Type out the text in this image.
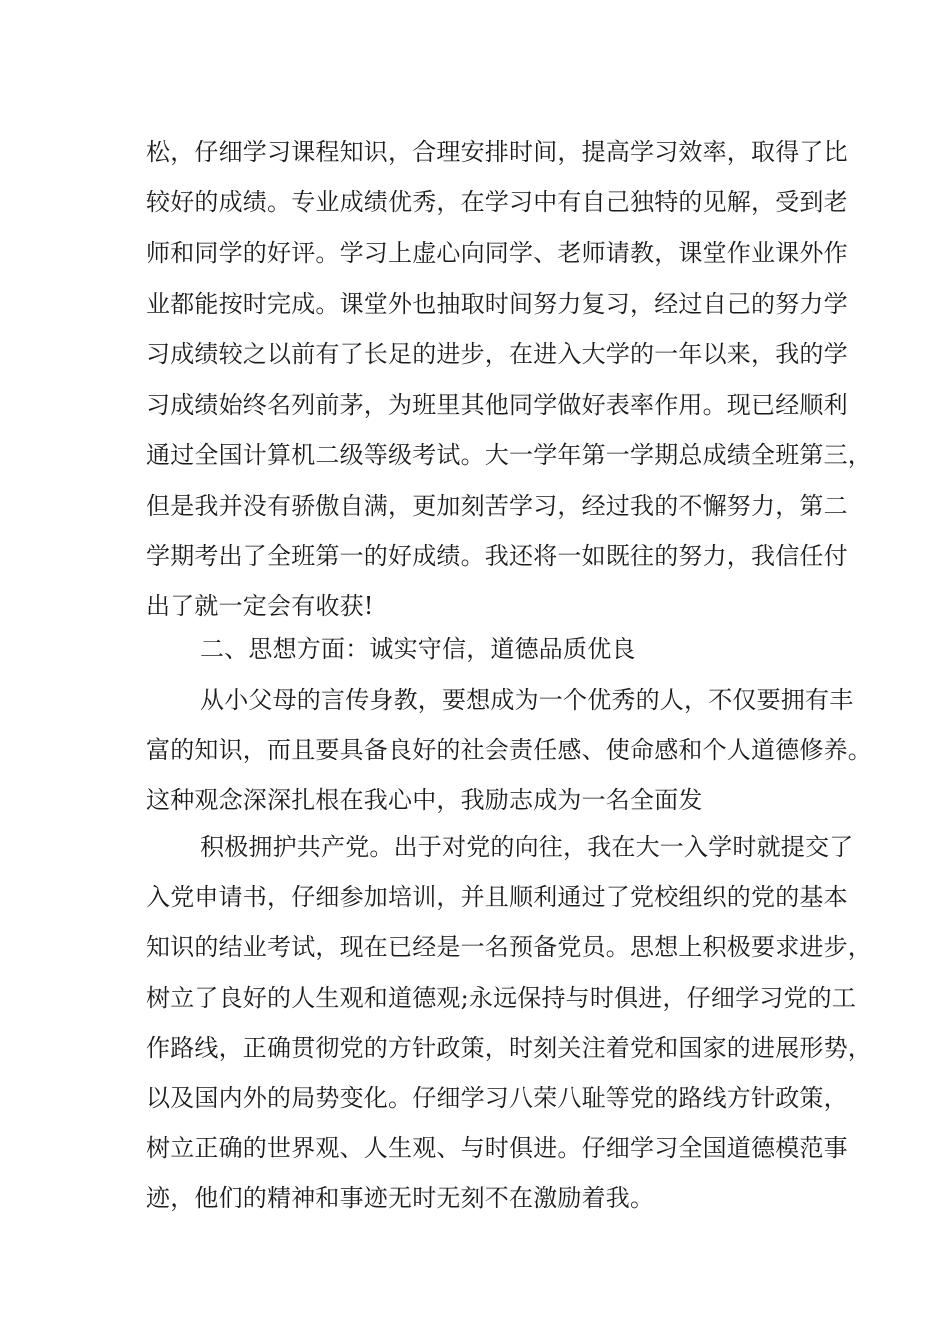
松，仔细学习课程知识，合理安排时间，提高学习效率，取得了比

较好的成绩。专业成绩优秀，在学习中有自己独特的见解，受到老

师和同学的好评。学习上虚心向同学、老师请教，课堂作业课外作

业都能按时完成。课堂外也抽取时间努力复习，经过自己的努力学

习成绩较之以前有了长足的进步，在进入大学的一年以来，我的学

习成绩始终名列前茅，为班里其他同学做好表率作用。现已经顺利

通过全国计算机二级等级考试。大一学年第一学期总成绩全班第三，

但是我并没有骄傲自满，更加刻苦学习，经过我的不懈努力，第二

学期考出了全班第一的好成绩。我还将一如既往的努力，我信任付

出了就一定会有收获!

二、思想方面：诚实守信，道德品质优良

从小父母的言传身教，要想成为一个优秀的人，不仅要拥有丰

富的知识，而且要具备良好的社会责任感、使命感和个人道德修养。

这种观念深深扎根在我心中，我励志成为一名全面发

积极拥护共产党。出于对党的向往，我在大一入学时就提交了

入党申请书，仔细参加培训，并且顺利通过了党校组织的党的基本

知识的结业考试，现在已经是一名预备党员。思想上积极要求进步，

树立了良好的人生观和道德观;永远保持与时俱进，仔细学习党的工

作路线，正确贯彻党的方针政策，时刻关注着党和国家的进展形势，

以及国内外的局势变化。仔细学习八荣八耻等党的路线方针政策，

树立正确的世界观、人生观、与时俱进。仔细学习全国道德模范事

迹，他们的精神和事迹无时无刻不在激励着我。
